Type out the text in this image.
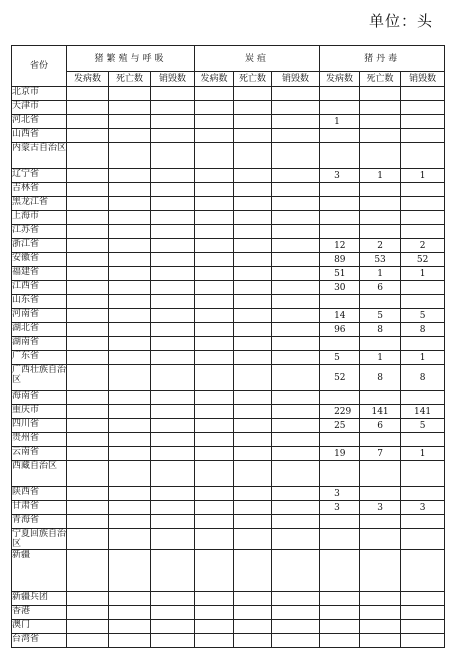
单位：头
省份	猪繁殖与呼吸			炭疽			猪丹毒		
	发病数	死亡数	销毁数	发病数	死亡数	销毁数	发病数	死亡数	销毁数
北京市									
天津市									
河北省							1		
山西省									
内蒙古自治区									
辽宁省							3	1	1
吉林省									
黑龙江省									
上海市									
江苏省									
浙江省							12	2	2
安徽省							89	53	52
福建省							51	1	1
江西省							30	6	
山东省									
河南省							14	5	5
湖北省							96	8	8
湖南省									
广东省							5	1	1
广西壮族自治区							52	8	8
海南省									
重庆市							229	141	141
四川省							25	6	5
贵州省									
云南省							19	7	1
西藏自治区									
陕西省							3		
甘肃省							3	3	3
青海省									
宁夏回族自治区									
新疆									
新疆兵团									
香港									
澳门									
台湾省									
